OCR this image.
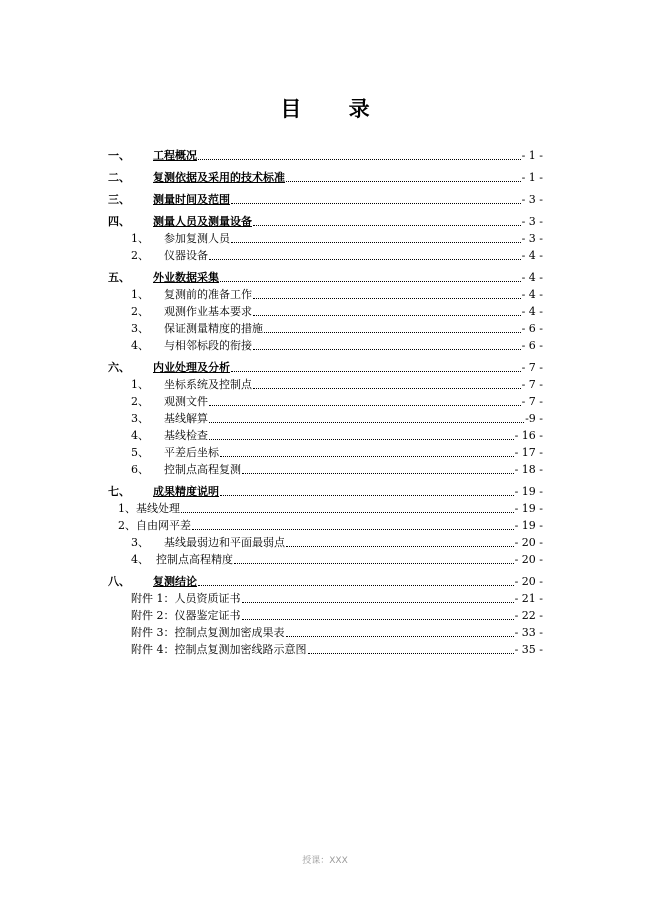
目 录
一、	工程概况	- 1 -
二、	复测依据及采用的技术标准	- 1 -
三、	测量时间及范围	- 3 -
四、	测量人员及测量设备	- 3 -
1、	参加复测人员	- 3 -
2、	仪器设备	- 4 -
五、	外业数据采集	- 4 -
1、	复测前的准备工作	- 4 -
2、	观测作业基本要求	- 4 -
3、	保证测量精度的措施	- 6 -
4、	与相邻标段的衔接	- 6 -
六、	内业处理及分析	- 7 -
1、	坐标系统及控制点	- 7 -
2、	观测文件	- 7 -
3、	基线解算	-9 -
4、	基线检查	- 16 -
5、	平差后坐标	- 17 -
6、	控制点高程复测	- 18 -
七、	成果精度说明	- 19 -
1、 基线处理	- 19 -
2、 自由网平差	- 19 -
3、	基线最弱边和平面最弱点	- 20 -
4、 控制点高程精度	- 20 -
八、	复测结论	- 20 -
附件 1： 人员资质证书	- 21 -
附件 2： 仪器鉴定证书	- 22 -
附件 3： 控制点复测加密成果表	- 33 -
附件 4： 控制点复测加密线路示意图	- 35 -
授课：XXX
